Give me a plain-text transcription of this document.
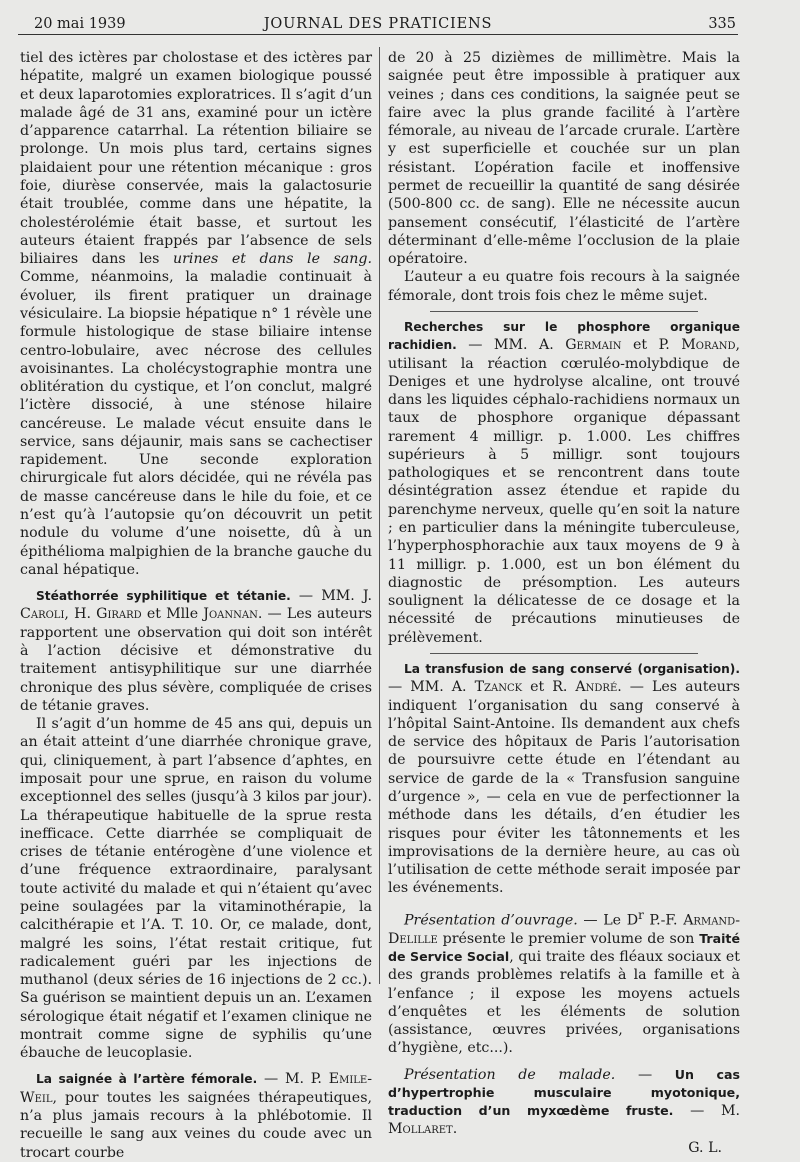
20 mai 1939	JOURNAL DES PRATICIENS	335

tiel des ictères par cholostase et des ictères par hépatite, malgré un examen biologique poussé et deux laparotomies exploratrices. Il s’agit d’un malade âgé de 31 ans, examiné pour un ictère d’apparence catarrhal. La rétention biliaire se prolonge. Un mois plus tard, certains signes plaidaient pour une rétention mécanique : gros foie, diurèse conservée, mais la galactosurie était troublée, comme dans une hépatite, la cholestérolémie était basse, et surtout les auteurs étaient frappés par l’absence de sels biliaires dans les urines et dans le sang. Comme, néanmoins, la maladie continuait à évoluer, ils firent pratiquer un drainage vésiculaire. La biopsie hépatique n° 1 révèle une formule histologique de stase biliaire intense centro-lobulaire, avec nécrose des cellules avoisinantes. La cholécystographie montra une oblitération du cystique, et l’on conclut, malgré l’ictère dissocié, à une sténose hilaire cancéreuse. Le malade vécut ensuite dans le service, sans déjaunir, mais sans se cachectiser rapidement. Une seconde exploration chirurgicale fut alors décidée, qui ne révéla pas de masse cancéreuse dans le hile du foie, et ce n’est qu’à l’autopsie qu’on découvrit un petit nodule du volume d’une noisette, dû à un épithélioma malpighien de la branche gauche du canal hépatique.

Stéathorrée syphilitique et tétanie. — MM. J. Caroli, H. Girard et Mlle Joannan. — Les auteurs rapportent une observation qui doit son intérêt à l’action décisive et démonstrative du traitement antisyphilitique sur une diarrhée chronique des plus sévère, compliquée de crises de tétanie graves.

Il s’agit d’un homme de 45 ans qui, depuis un an était atteint d’une diarrhée chronique grave, qui, cliniquement, à part l’absence d’aphtes, en imposait pour une sprue, en raison du volume exceptionnel des selles (jusqu’à 3 kilos par jour). La thérapeutique habituelle de la sprue resta inefficace. Cette diarrhée se compliquait de crises de tétanie entérogène d’une violence et d’une fréquence extraordinaire, paralysant toute activité du malade et qui n’étaient qu’avec peine soulagées par la vitaminothérapie, la calcithérapie et l’A. T. 10. Or, ce malade, dont, malgré les soins, l’état restait critique, fut radicalement guéri par les injections de muthanol (deux séries de 16 injections de 2 cc.). Sa guérison se maintient depuis un an. L’examen sérologique était négatif et l’examen clinique ne montrait comme signe de syphilis qu’une ébauche de leucoplasie.

La saignée à l’artère fémorale. — M. P. Emile-Weil, pour toutes les saignées thérapeutiques, n’a plus jamais recours à la phlébotomie. Il recueille le sang aux veines du coude avec un trocart courbe

de 20 à 25 dizièmes de millimètre. Mais la saignée peut être impossible à pratiquer aux veines ; dans ces conditions, la saignée peut se faire avec la plus grande facilité à l’artère fémorale, au niveau de l’arcade crurale. L’artère y est superficielle et couchée sur un plan résistant. L’opération facile et inoffensive permet de recueillir la quantité de sang désirée (500-800 cc. de sang). Elle ne nécessite aucun pansement consécutif, l’élasticité de l’artère déterminant d’elle-même l’occlusion de la plaie opératoire.

L’auteur a eu quatre fois recours à la saignée fémorale, dont trois fois chez le même sujet.

Recherches sur le phosphore organique rachidien. — MM. A. Germain et P. Morand, utilisant la réaction cœruléo-molybdique de Deniges et une hydrolyse alcaline, ont trouvé dans les liquides céphalo-rachidiens normaux un taux de phosphore organique dépassant rarement 4 milligr. p. 1.000. Les chiffres supérieurs à 5 milligr. sont toujours pathologiques et se rencontrent dans toute désintégration assez étendue et rapide du parenchyme nerveux, quelle qu’en soit la nature ; en particulier dans la méningite tuberculeuse, l’hyperphosphorachie aux taux moyens de 9 à 11 milligr. p. 1.000, est un bon élément du diagnostic de présomption. Les auteurs soulignent la délicatesse de ce dosage et la nécessité de précautions minutieuses de prélèvement.

La transfusion de sang conservé (organisation). — MM. A. Tzanck et R. André. — Les auteurs indiquent l’organisation du sang conservé à l’hôpital Saint-Antoine. Ils demandent aux chefs de service des hôpitaux de Paris l’autorisation de poursuivre cette étude en l’étendant au service de garde de la « Transfusion sanguine d’urgence », — cela en vue de perfectionner la méthode dans les détails, d’en étudier les risques pour éviter les tâtonnements et les improvisations de la dernière heure, au cas où l’utilisation de cette méthode serait imposée par les événements.

Présentation d’ouvrage. — Le $D^r$ P.-F. Armand-Delille présente le premier volume de son Traité de Service Social, qui traite des fléaux sociaux et des grands problèmes relatifs à la famille et à l’enfance ; il expose les moyens actuels d’enquêtes et les éléments de solution (assistance, œuvres privées, organisations d’hygiène, etc...).

Présentation de malade. — Un cas d’hypertrophie musculaire myotonique, traduction d’un myxœdème fruste. — M. Mollaret.

G. L.
